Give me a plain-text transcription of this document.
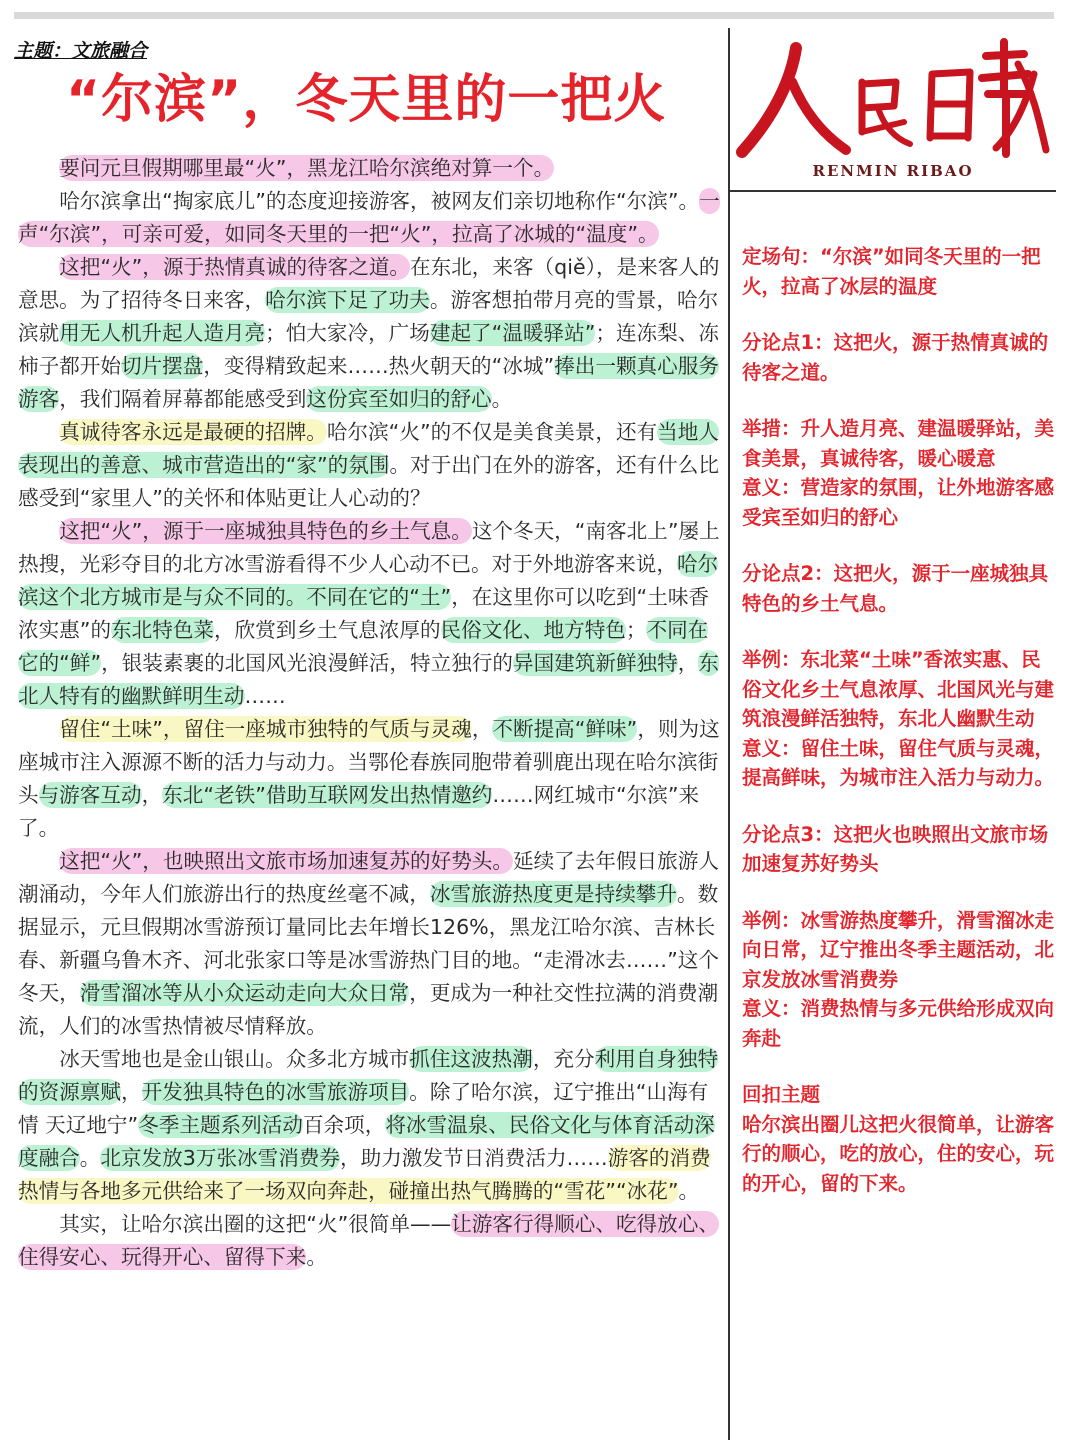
主题：文旅融合
“尔滨”，冬天里的一把火

要问元旦假期哪里最“火”，黑龙江哈尔滨绝对算一个。

哈尔滨拿出“掏家底儿”的态度迎接游客，被网友们亲切地称作“尔滨”。一声“尔滨”，可亲可爱，如同冬天里的一把“火”，拉高了冰城的“温度”。

这把“火”，源于热情真诚的待客之道。在东北，来客（qiě），是来客人的意思。为了招待冬日来客，哈尔滨下足了功夫。游客想拍带月亮的雪景，哈尔滨就用无人机升起人造月亮；怕大家冷，广场建起了“温暖驿站”；连冻梨、冻柿子都开始切片摆盘，变得精致起来……热火朝天的“冰城”捧出一颗真心服务游客，我们隔着屏幕都能感受到这份宾至如归的舒心。

真诚待客永远是最硬的招牌。哈尔滨“火”的不仅是美食美景，还有当地人表现出的善意、城市营造出的“家”的氛围。对于出门在外的游客，还有什么比感受到“家里人”的关怀和体贴更让人心动的？

这把“火”，源于一座城独具特色的乡土气息。这个冬天，“南客北上”屡上热搜，光彩夺目的北方冰雪游看得不少人心动不已。对于外地游客来说，哈尔滨这个北方城市是与众不同的。不同在它的“土”，在这里你可以吃到“土味香浓实惠”的东北特色菜，欣赏到乡土气息浓厚的民俗文化、地方特色；不同在它的“鲜”，银装素裹的北国风光浪漫鲜活，特立独行的异国建筑新鲜独特，东北人特有的幽默鲜明生动……

留住“土味”，留住一座城市独特的气质与灵魂，不断提高“鲜味”，则为这座城市注入源源不断的活力与动力。当鄂伦春族同胞带着驯鹿出现在哈尔滨街头与游客互动，东北“老铁”借助互联网发出热情邀约……网红城市“尔滨”来了。

这把“火”，也映照出文旅市场加速复苏的好势头。延续了去年假日旅游人潮涌动，今年人们旅游出行的热度丝毫不减，冰雪旅游热度更是持续攀升。数据显示，元旦假期冰雪游预订量同比去年增长126%，黑龙江哈尔滨、吉林长春、新疆乌鲁木齐、河北张家口等是冰雪游热门目的地。“走滑冰去……”这个冬天，滑雪溜冰等从小众运动走向大众日常，更成为一种社交性拉满的消费潮流，人们的冰雪热情被尽情释放。

冰天雪地也是金山银山。众多北方城市抓住这波热潮，充分利用自身独特的资源禀赋，开发独具特色的冰雪旅游项目。除了哈尔滨，辽宁推出“山海有情 天辽地宁”冬季主题系列活动百余项，将冰雪温泉、民俗文化与体育活动深度融合。北京发放3万张冰雪消费券，助力激发节日消费活力……游客的消费热情与各地多元供给来了一场双向奔赴，碰撞出热气腾腾的“雪花”“冰花”。

其实，让哈尔滨出圈的这把“火”很简单——让游客行得顺心、吃得放心、住得安心、玩得开心、留得下来。

RENMIN RIBAO
定场句：“尔滨”如同冬天里的一把火，拉高了冰层的温度
分论点1：这把火，源于热情真诚的待客之道。
举措：升人造月亮、建温暖驿站，美食美景，真诚待客，暖心暖意
意义：营造家的氛围，让外地游客感受宾至如归的舒心
分论点2：这把火，源于一座城独具特色的乡土气息。
举例：东北菜“土味”香浓实惠、民俗文化乡土气息浓厚、北国风光与建筑浪漫鲜活独特，东北人幽默生动
意义：留住土味，留住气质与灵魂，提高鲜味，为城市注入活力与动力。
分论点3：这把火也映照出文旅市场加速复苏好势头
举例：冰雪游热度攀升，滑雪溜冰走向日常，辽宁推出冬季主题活动，北京发放冰雪消费券
意义：消费热情与多元供给形成双向奔赴
回扣主题
哈尔滨出圈儿这把火很简单，让游客行的顺心，吃的放心，住的安心，玩的开心，留的下来。
